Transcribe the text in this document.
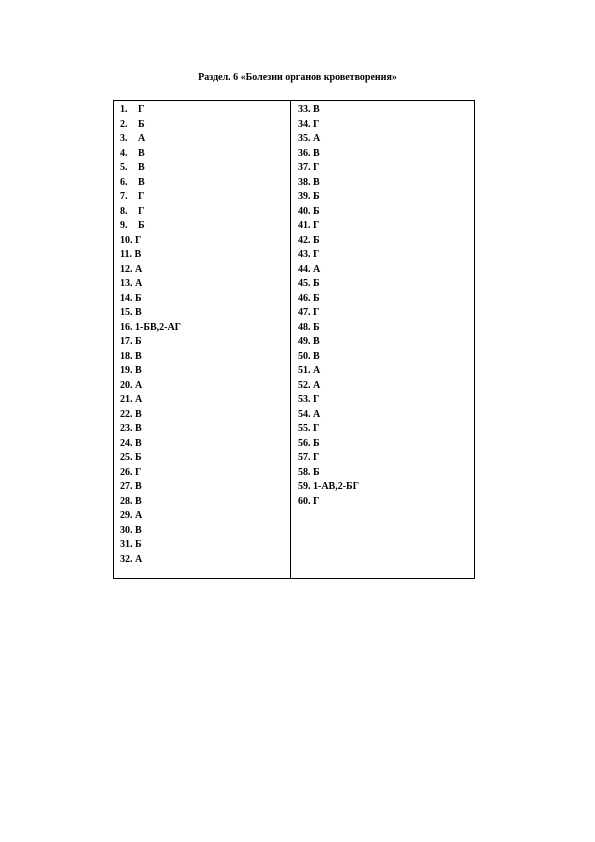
Раздел. 6 «Болезни органов кроветворения»
1. Г
2. Б
3. А
4. В
5. В
6. В
7. Г
8. Г
9. Б
10. Г
11. В
12. А
13. А
14. Б
15. В
16. 1-БВ,2-АГ
17. Б
18. В
19. В
20. А
21. А
22. В
23. В
24. В
25. Б
26. Г
27. В
28. В
29. А
30. В
31. Б
32. А
33. В
34. Г
35. А
36. В
37. Г
38. В
39. Б
40. Б
41. Г
42. Б
43. Г
44. А
45. Б
46. Б
47. Г
48. Б
49. В
50. В
51. А
52. А
53. Г
54. А
55. Г
56. Б
57. Г
58. Б
59. 1-АВ,2-БГ
60. Г
